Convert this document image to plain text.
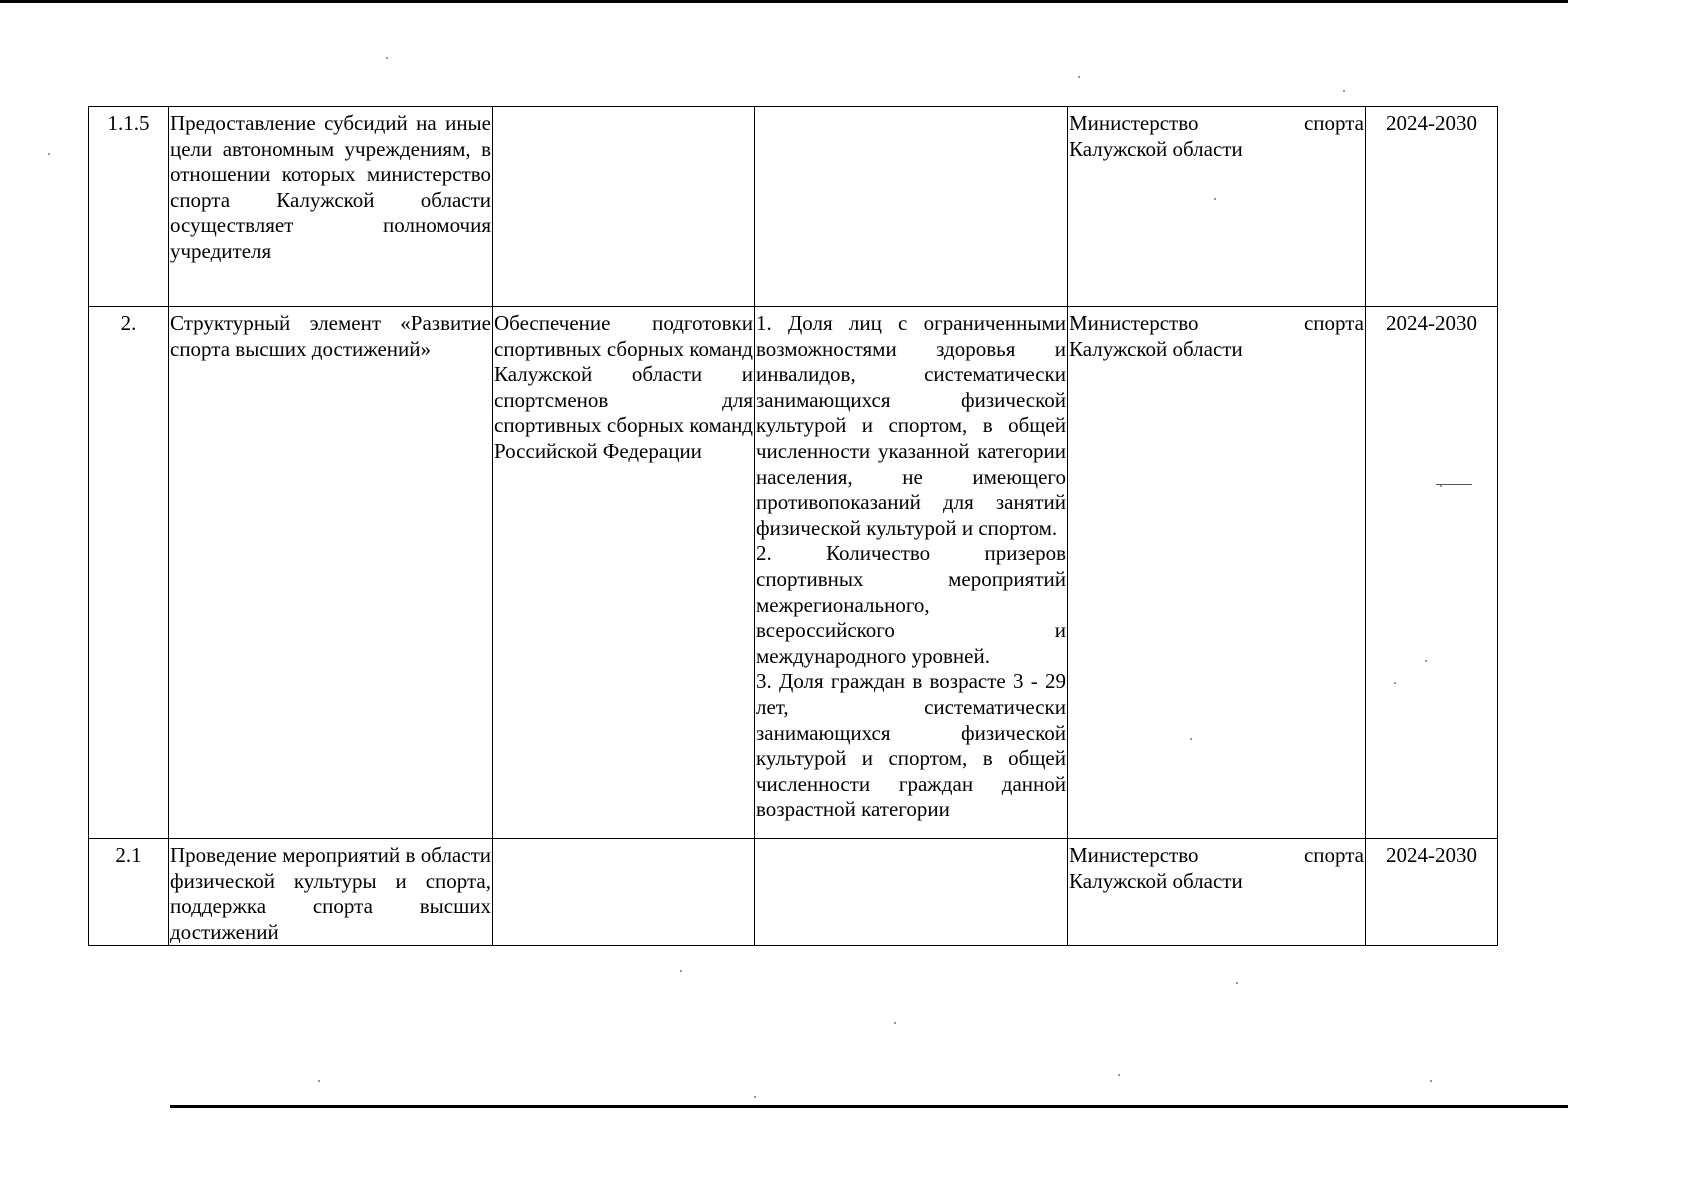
1.1.5	Предоставление субсидий на иные цели автономным учреждениям, в отношении которых министерство спорта Калужской области осуществляет полномочия учредителя			Министерство спорта Калужской области	2024-2030
2.	Структурный элемент «Развитие спорта высших достижений»	Обеспечение подготовки спортивных сборных команд Калужской области и спортсменов для спортивных сборных команд Российской Федерации	1. Доля лиц с ограниченными возможностями здоровья и инвалидов, систематически занимающихся физической культурой и спортом, в общей численности указанной категории населения, не имеющего противопоказаний для занятий физической культурой и спортом.
2. Количество призеров спортивных мероприятий межрегионального, всероссийского и международного уровней.
3. Доля граждан в возрасте 3 - 29 лет, систематически занимающихся физической культурой и спортом, в общей численности граждан данной возрастной категории	Министерство спорта Калужской области	2024-2030
2.1	Проведение мероприятий в области физической культуры и спорта, поддержка спорта высших достижений			Министерство спорта Калужской области	2024-2030
